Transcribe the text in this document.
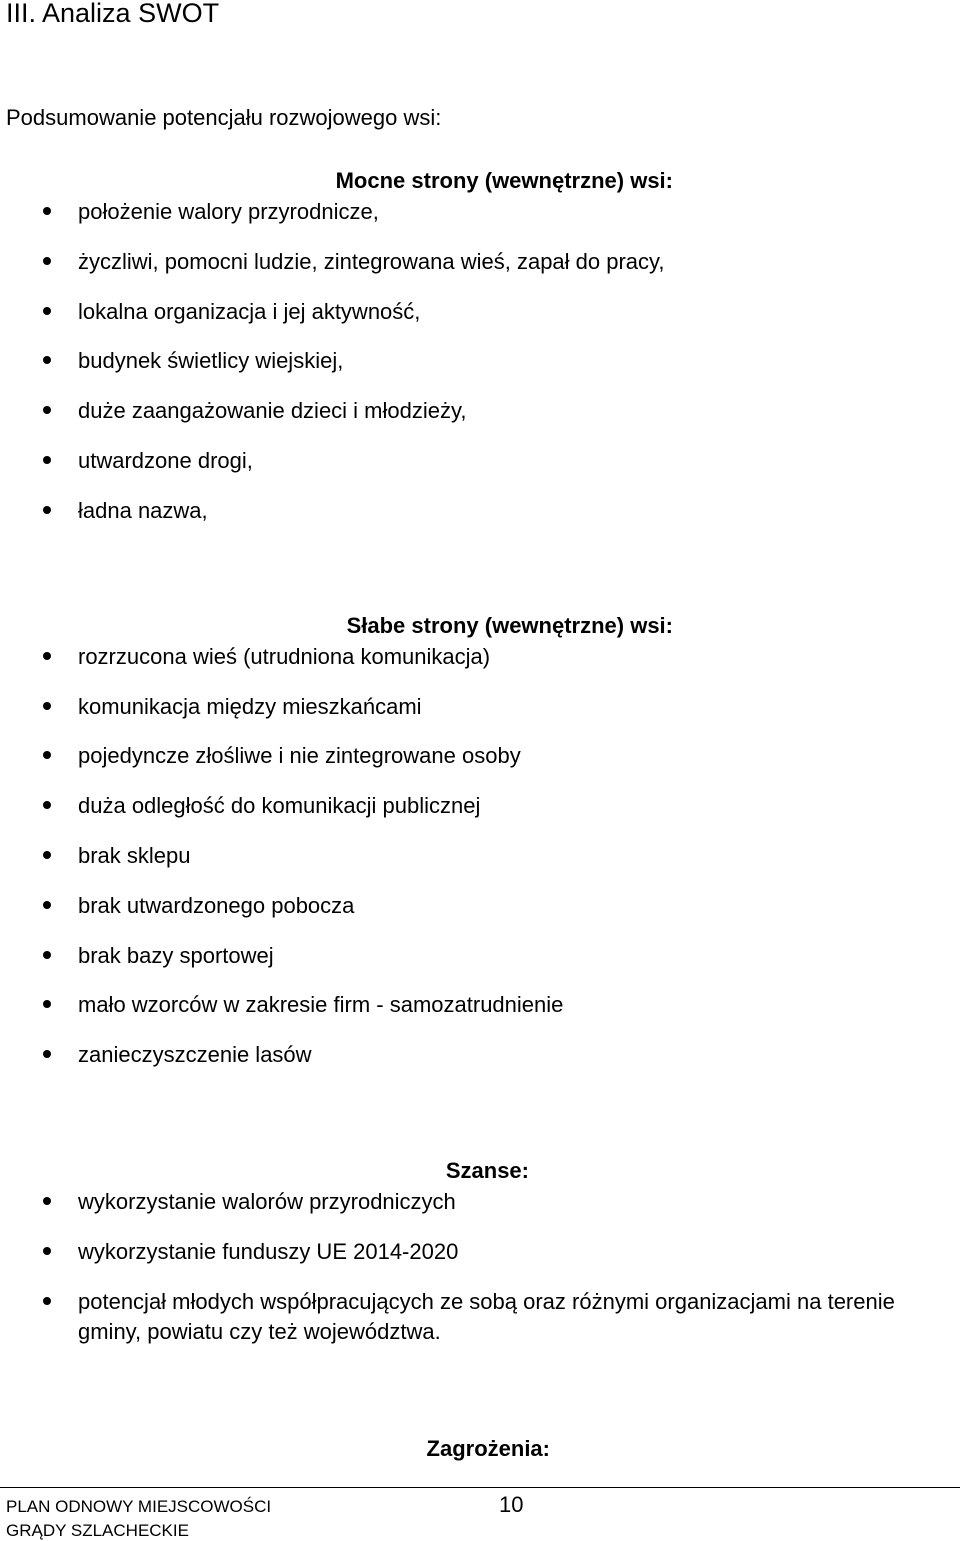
III. Analiza SWOT
Podsumowanie potencjału rozwojowego wsi:
Mocne strony (wewnętrzne) wsi:
położenie walory przyrodnicze,
życzliwi, pomocni ludzie, zintegrowana wieś, zapał do pracy,
lokalna organizacja i jej aktywność,
budynek świetlicy wiejskiej,
duże zaangażowanie dzieci i młodzieży,
utwardzone drogi,
ładna nazwa,
Słabe strony (wewnętrzne) wsi:
rozrzucona wieś (utrudniona komunikacja)
komunikacja między mieszkańcami
pojedyncze złośliwe i nie zintegrowane osoby
duża odległość do komunikacji publicznej
brak sklepu
brak utwardzonego pobocza
brak bazy sportowej
mało wzorców w zakresie firm - samozatrudnienie
zanieczyszczenie lasów
Szanse:
wykorzystanie walorów przyrodniczych
wykorzystanie funduszy UE 2014-2020
potencjał młodych współpracujących ze sobą oraz różnymi organizacjami na terenie gminy, powiatu czy też województwa.
Zagrożenia:
PLAN ODNOWY MIEJSCOWOŚCI
GRĄDY SZLACHECKIE
10
